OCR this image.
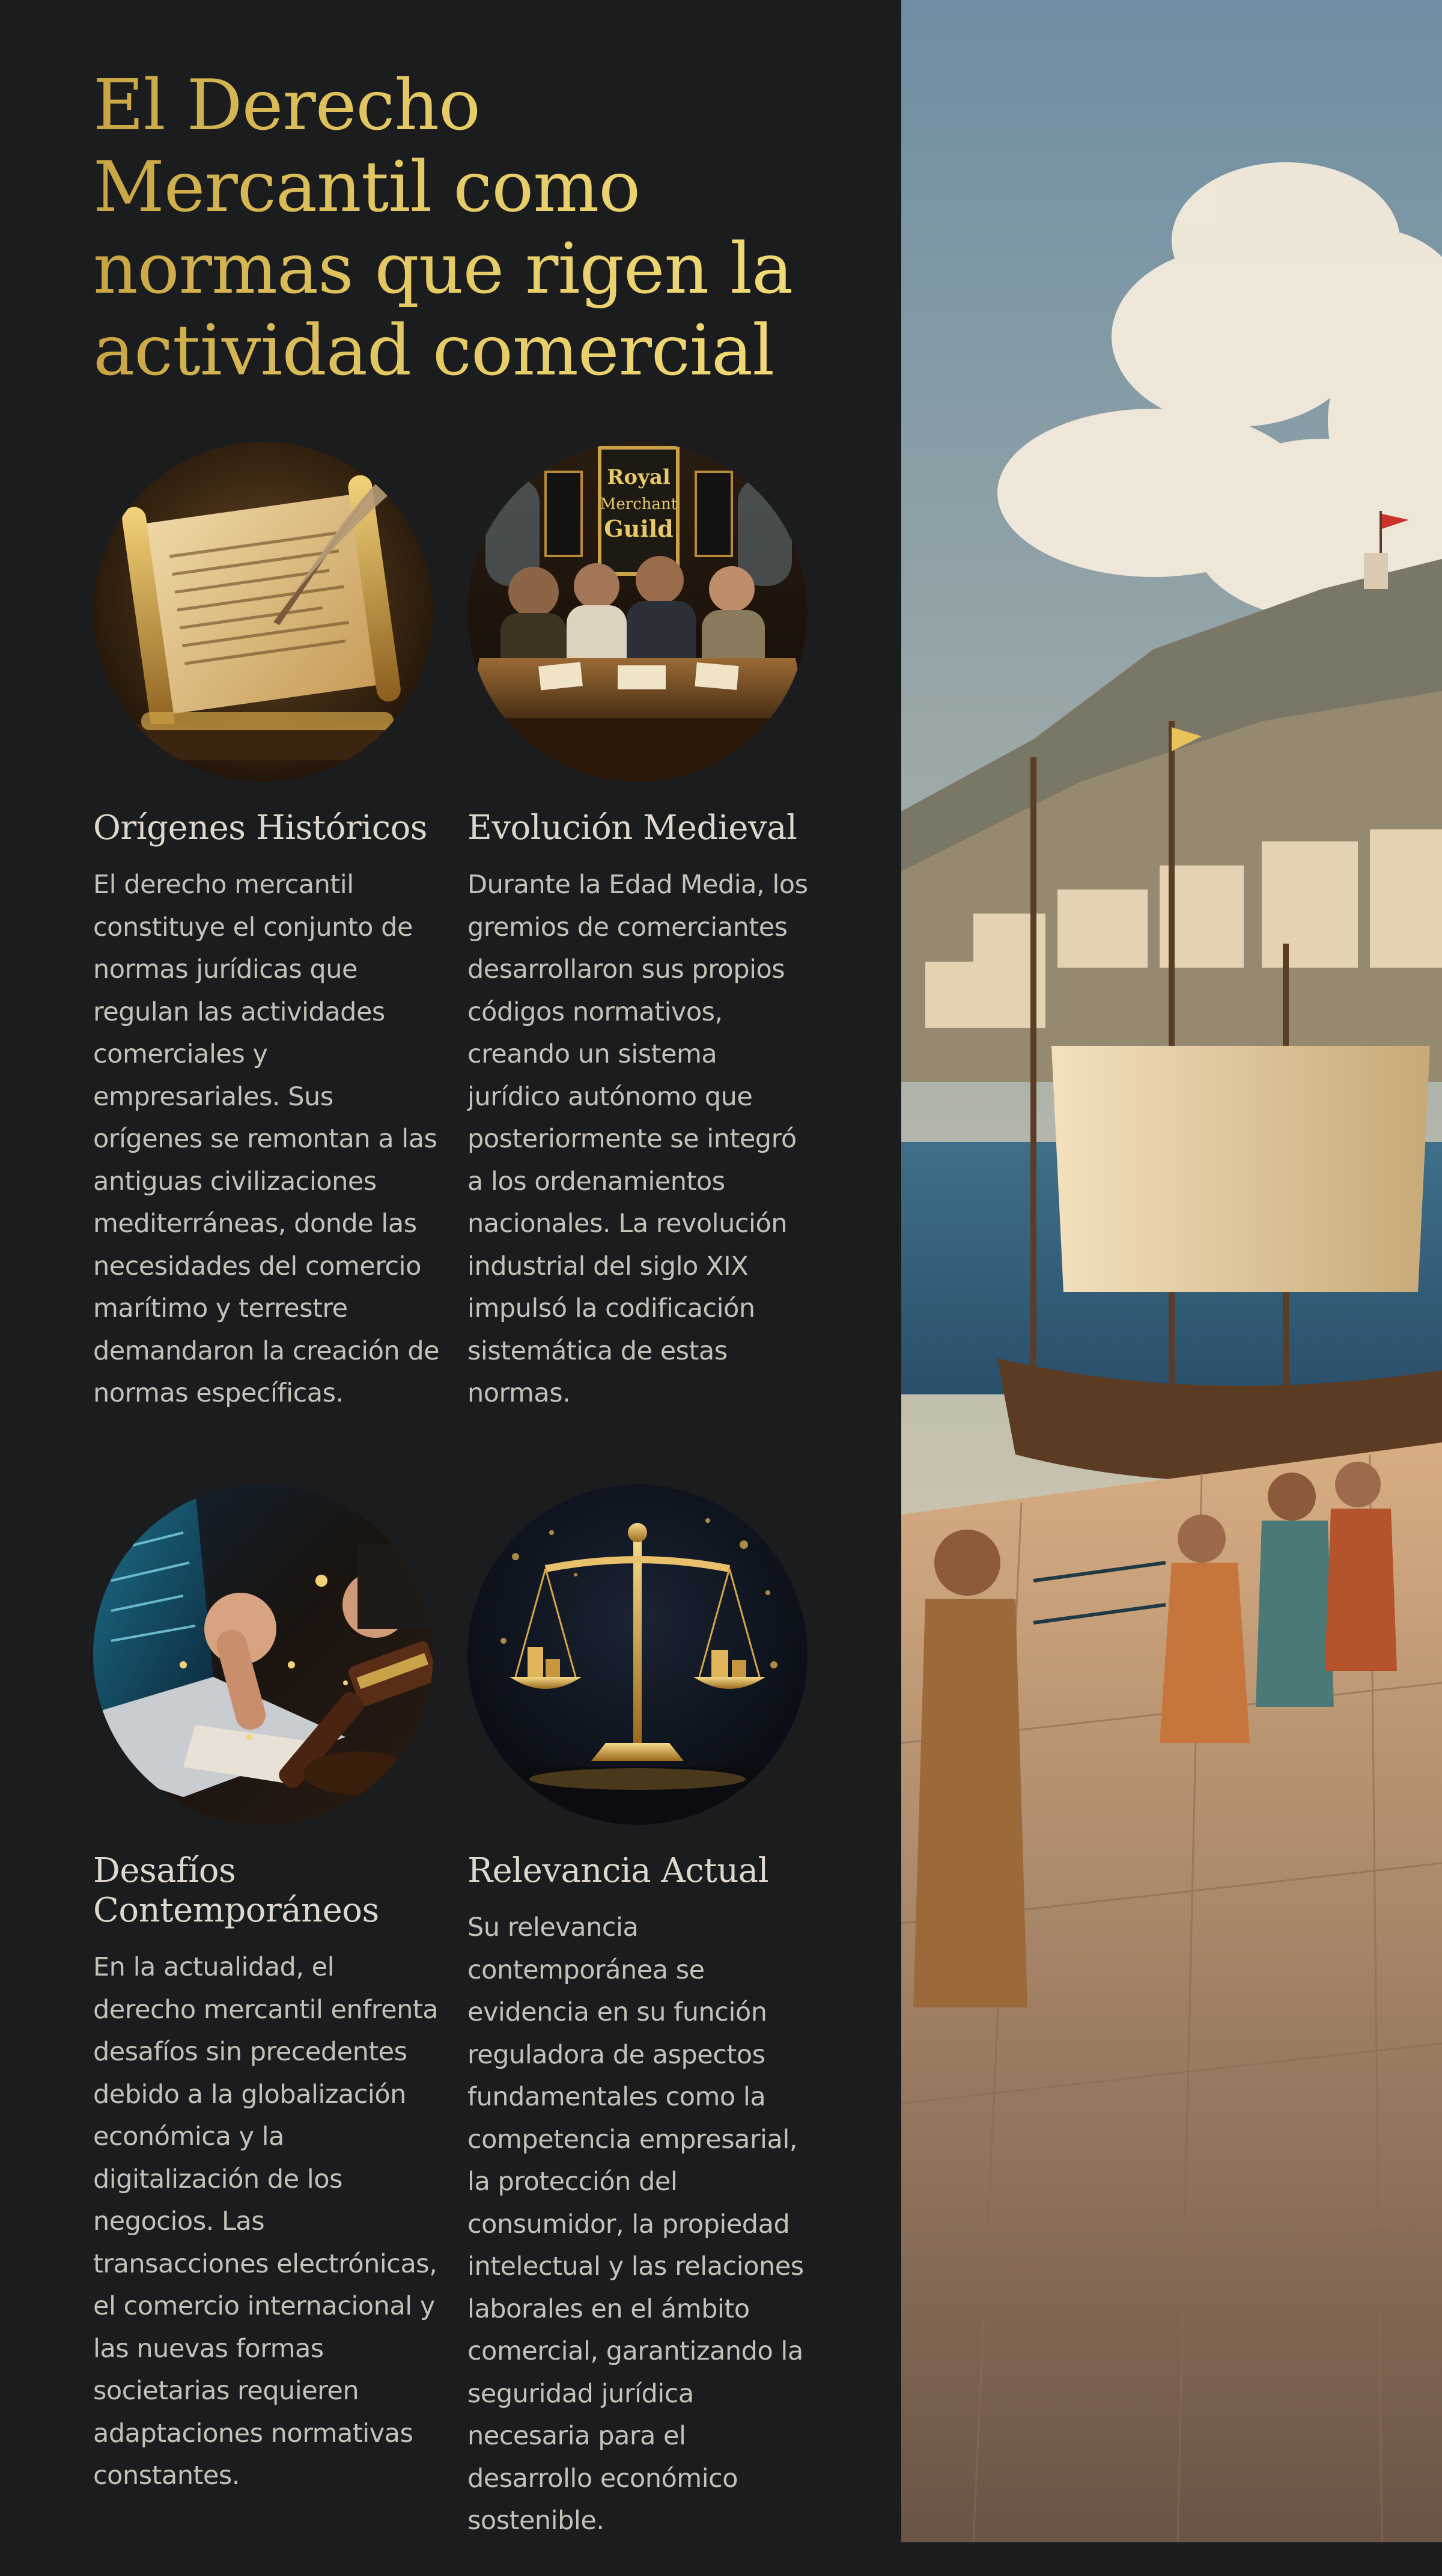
El Derecho Mercantil como normas que rigen la actividad comercial
Orígenes Históricos

El derecho mercantil constituye el conjunto de normas jurídicas que regulan las actividades comerciales y empresariales. Sus orígenes se remontan a las antiguas civilizaciones mediterráneas, donde las necesidades del comercio marítimo y terrestre demandaron la creación de normas específicas.

Royal
Merchant
Guild
Evolución Medieval

Durante la Edad Media, los gremios de comerciantes desarrollaron sus propios códigos normativos, creando un sistema jurídico autónomo que posteriormente se integró a los ordenamientos nacionales. La revolución industrial del siglo XIX impulsó la codificación sistemática de estas normas.

Desafíos Contemporáneos

En la actualidad, el derecho mercantil enfrenta desafíos sin precedentes debido a la globalización económica y la digitalización de los negocios. Las transacciones electrónicas, el comercio internacional y las nuevas formas societarias requieren adaptaciones normativas constantes.

Relevancia Actual

Su relevancia contemporánea se evidencia en su función reguladora de aspectos fundamentales como la competencia empresarial, la protección del consumidor, la propiedad intelectual y las relaciones laborales en el ámbito comercial, garantizando la seguridad jurídica necesaria para el desarrollo económico sostenible.
